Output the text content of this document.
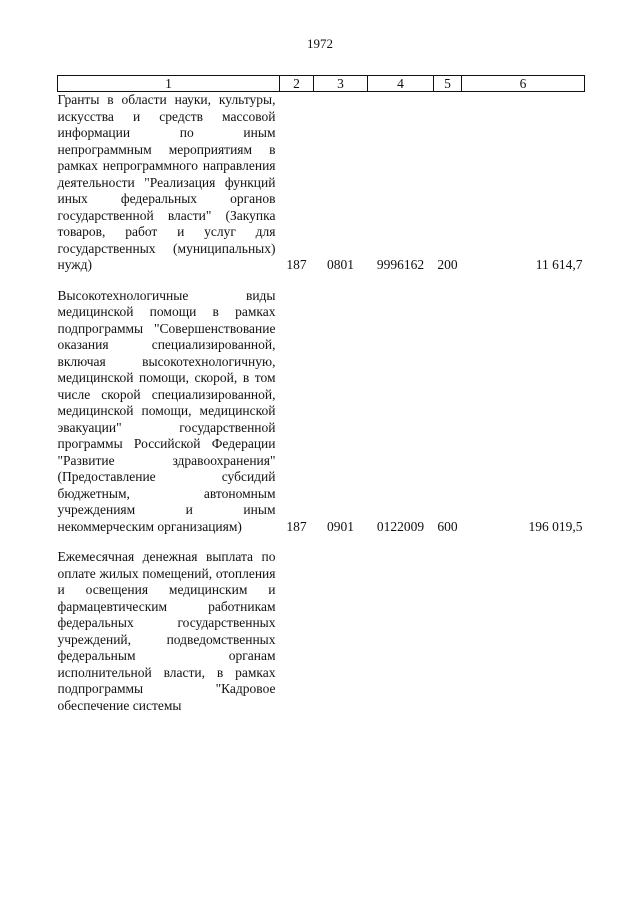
1972
1	2	3	4	5	6
Гранты в области науки, культуры, искусства и средств массовой информации по иным непрограммным мероприятиям в рамках непрограммного направления деятельности "Реализация функций иных федеральных органов государственной власти" (Закупка товаров, работ и услуг для государственных (муниципальных) нужд)	187	0801	9996162	200	11 614,7

Высокотехнологичные виды медицинской помощи в рамках подпрограммы "Совершенствование оказания специализированной, включая высокотехнологичную, медицинской помощи, скорой, в том числе скорой специализированной, медицинской помощи, медицинской эвакуации" государственной программы Российской Федерации "Развитие здравоохранения" (Предоставление субсидий бюджетным, автономным учреждениям и иным некоммерческим организациям)	187	0901	0122009	600	196 019,5

Ежемесячная денежная выплата по оплате жилых помещений, отопления и освещения медицинским и фармацевтическим работникам федеральных государственных учреждений, подведомственных федеральным органам исполнительной власти, в рамках подпрограммы "Кадровое обеспечение системы					
